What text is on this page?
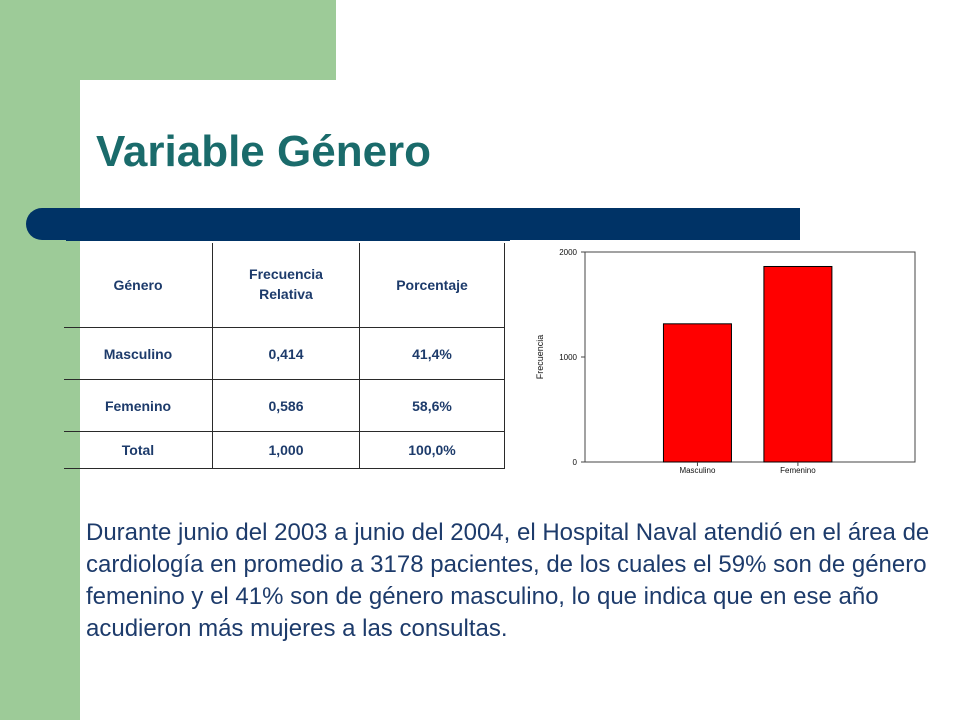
Variable Género
Género	Frecuencia Relativa	Porcentaje
Masculino	0,414	41,4%
Femenino	0,586	58,6%
Total	1,000	100,0%
Frecuencia
0
1000
2000
Masculino	Femenino

Durante junio del 2003 a junio del 2004, el Hospital Naval atendió en el área de cardiología en promedio a 3178 pacientes, de los cuales el 59% son de género femenino y el 41% son de género masculino, lo que indica que en ese año acudieron más mujeres a las consultas.
